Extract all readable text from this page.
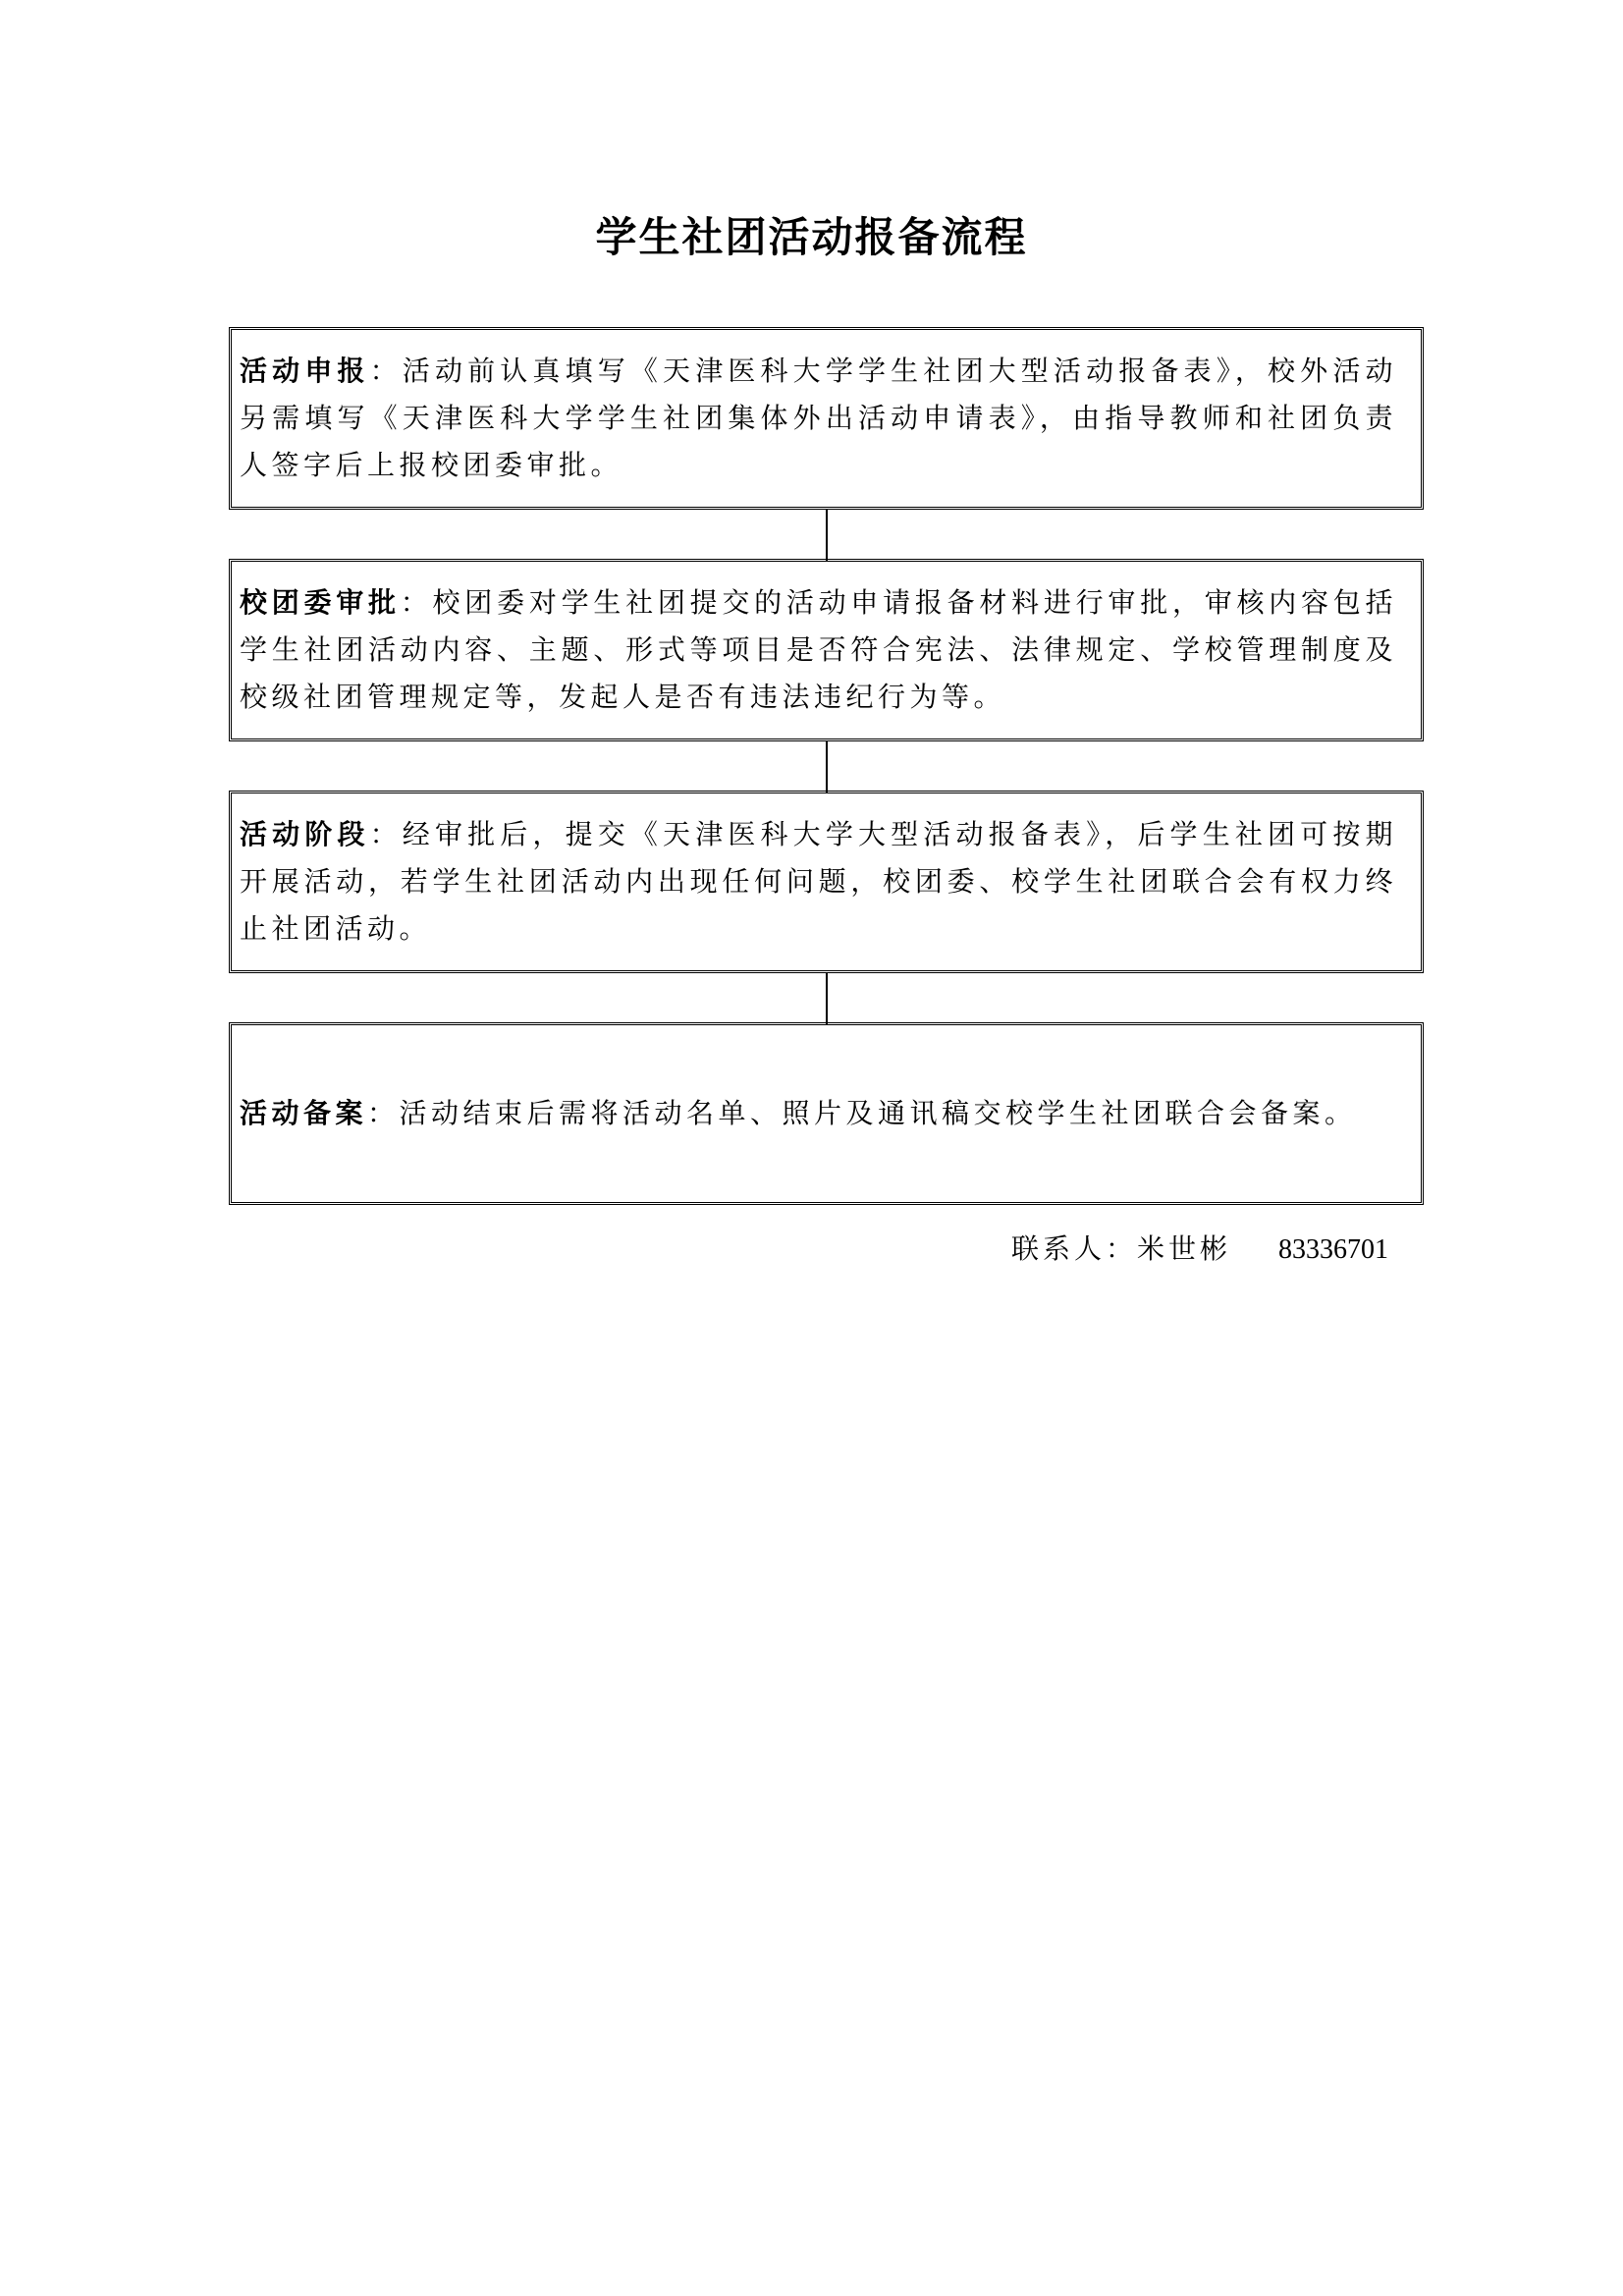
学生社团活动报备流程
活动申报：活动前认真填写《天津医科大学学生社团大型活动报备表》，校外活动另需填写《天津医科大学学生社团集体外出活动申请表》，由指导教师和社团负责人签字后上报校团委审批。
校团委审批：校团委对学生社团提交的活动申请报备材料进行审批，审核内容包括学生社团活动内容、主题、形式等项目是否符合宪法、法律规定、学校管理制度及校级社团管理规定等，发起人是否有违法违纪行为等。
活动阶段：经审批后，提交《天津医科大学大型活动报备表》，后学生社团可按期开展活动，若学生社团活动内出现任何问题，校团委、校学生社团联合会有权力终止社团活动。
活动备案：活动结束后需将活动名单、照片及通讯稿交校学生社团联合会备案。
联系人：米世彬 83336701
